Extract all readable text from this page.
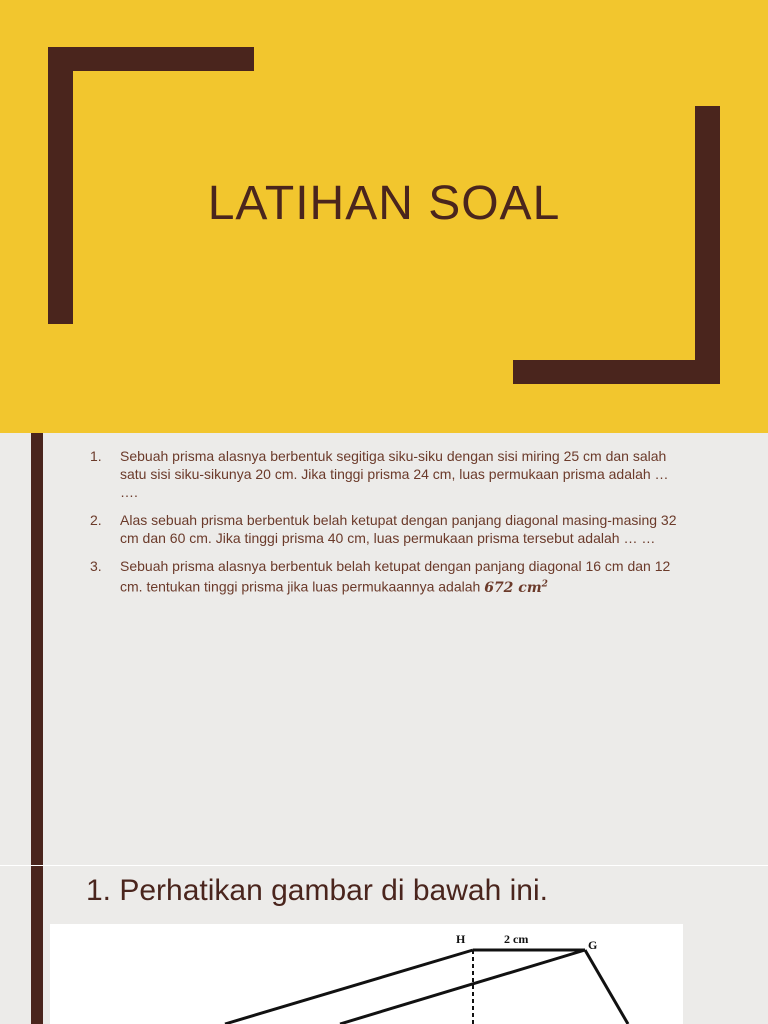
LATIHAN SOAL
1. Sebuah prisma alasnya berbentuk segitiga siku-siku dengan sisi miring 25 cm dan salah satu sisi siku-sikunya 20 cm. Jika tinggi prisma 24 cm, luas permukaan prisma adalah … ….
2. Alas sebuah prisma berbentuk belah ketupat dengan panjang diagonal masing-masing 32 cm dan 60 cm. Jika tinggi prisma 40 cm, luas permukaan prisma tersebut adalah … …
3. Sebuah prisma alasnya berbentuk belah ketupat dengan panjang diagonal 16 cm dan 12 cm. tentukan tinggi prisma jika luas permukaannya adalah 672 $cm^2$
1. Perhatikan gambar di bawah ini.
H	2 cm	G
